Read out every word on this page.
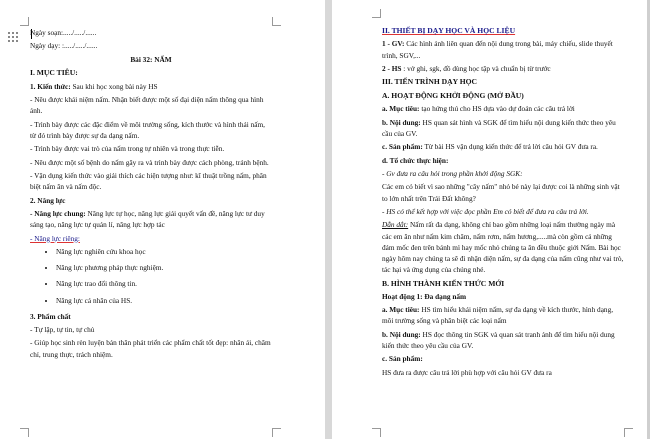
Ngày soạn:...../...../......

Ngày dạy: :...../...../......

Bài 32: NẤM

I. MỤC TIÊU:

1. Kiến thức: Sau khi học xong bài này HS

- Nêu được khái niệm nấm. Nhận biết được một số đại diện nấm thông qua hình ảnh.

- Trình bày được các đặc điểm về môi trường sống, kích thước và hình thái nấm, từ đó trình bày được sự đa dạng nấm.

- Trình bày được vai trò của nấm trong tự nhiên và trong thực tiễn.

- Nêu được một số bệnh do nấm gây ra và trình bày được cách phòng, tránh bệnh.

- Vận dụng kiến thức vào giải thích các hiện tượng như: kĩ thuật trồng nấm, phân biệt nấm ăn và nấm độc.

2. Năng lực

- Năng lực chung: Năng lực tự học, năng lực giải quyết vấn đề, năng lực tư duy sáng tạo, năng lực tự quản lí, năng lực hợp tác

- Năng lực riêng:

• Năng lực nghiên cứu khoa học
• Năng lực phương pháp thực nghiệm.
• Năng lực trao đổi thông tin.
• Năng lực cá nhân của HS.

3. Phẩm chất

- Tự lập, tự tin, tự chủ

- Giúp học sinh rèn luyện bản thân phát triển các phẩm chất tốt đẹp: nhân ái, chăm chỉ, trung thực, trách nhiệm.

II. THIẾT BỊ DẠY HỌC VÀ HỌC LIỆU

1 - GV: Các hình ảnh liên quan đến nội dung trong bài, máy chiếu, slide thuyết trình, SGV,...

2 - HS : vở ghi, sgk, đồ dùng học tập và chuẩn bị từ trước

III. TIẾN TRÌNH DẠY HỌC

A. HOẠT ĐỘNG KHỞI ĐỘNG (MỞ ĐẦU)

a. Mục tiêu: tạo hứng thú cho HS dựa vào dự đoán các câu trả lời

b. Nội dung: HS quan sát hình và SGK để tìm hiểu nội dung kiến thức theo yêu cầu của GV.

c. Sản phẩm: Từ bài HS vận dụng kiến thức để trả lời câu hỏi GV đưa ra.

d. Tổ chức thực hiện:

- Gv đưa ra câu hỏi trong phần khởi động SGK:

Các em có biết vì sao những "cây nấm" nhỏ bé này lại được coi là những sinh vật to lớn nhất trên Trái Đất không?

- HS có thể kết hợp với việc đọc phần Em có biết để đưa ra câu trả lời.

Dẫn dắt: Nấm rất đa dạng, không chỉ bao gồm những loại nấm thường ngày mà các em ăn như nấm kim châm, nấm rơm, nấm hương,.....mà còn gồm cả những đám mốc đen trên bánh mì hay mốc nhỏ chúng ta ăn đều thuộc giới Nấm. Bài học ngày hôm nay chúng ta sẽ đi nhận diện nấm, sự đa dạng của nấm cũng như vai trò, tác hại và ứng dụng của chúng nhé.

B. HÌNH THÀNH KIẾN THỨC MỚI

Hoạt động 1: Đa dạng nấm

a. Mục tiêu: HS tìm hiểu khái niệm nấm, sự đa dạng về kích thước, hình dạng, môi trường sống và phân biệt các loại nấm

b. Nội dung: HS đọc thông tin SGK và quan sát tranh ảnh để tìm hiểu nội dung kiến thức theo yêu cầu của GV.

c. Sản phẩm:

HS đưa ra được câu trả lời phù hợp với câu hỏi GV đưa ra
